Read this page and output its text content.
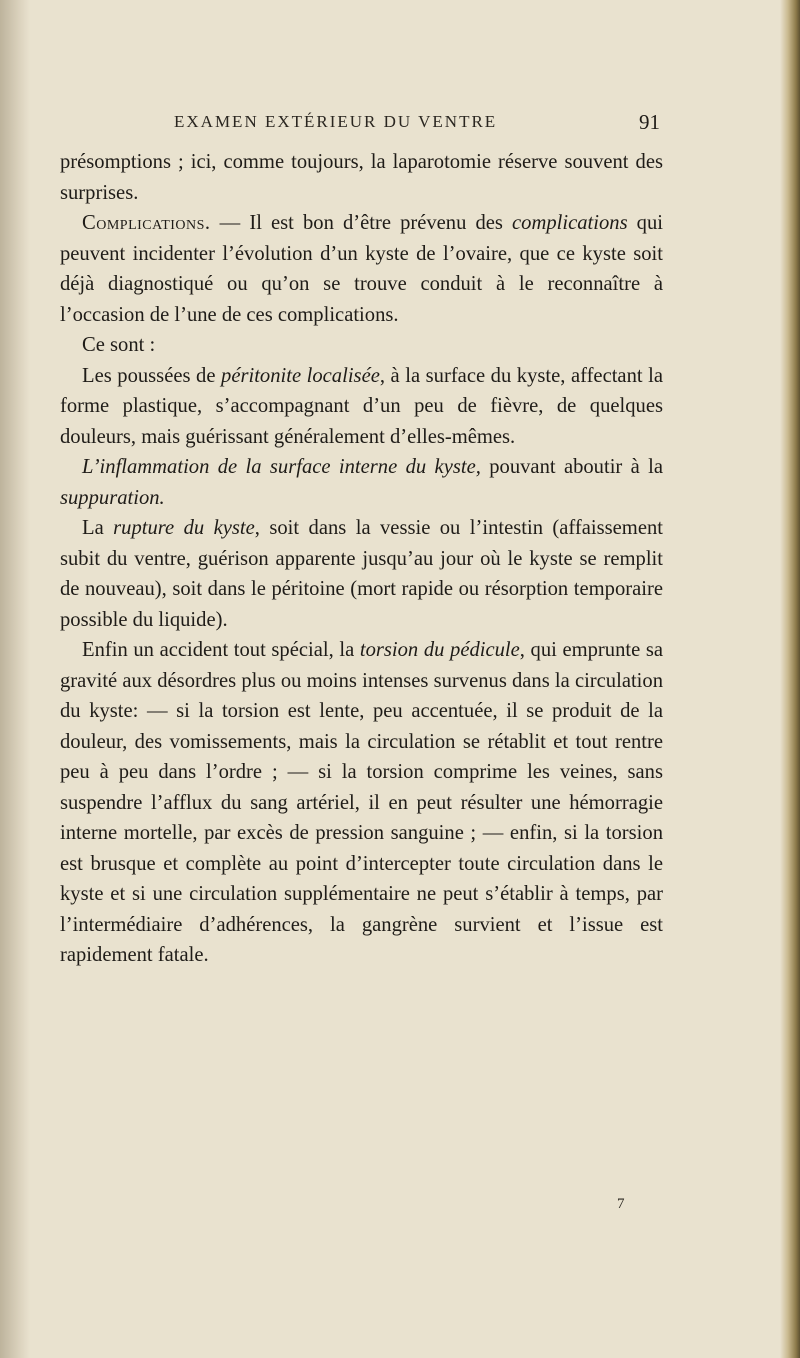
EXAMEN EXTÉRIEUR DU VENTRE	91

présomptions ; ici, comme toujours, la laparotomie réserve souvent des surprises.

Complications. — Il est bon d’être prévenu des complications qui peuvent incidenter l’évolution d’un kyste de l’ovaire, que ce kyste soit déjà diagnostiqué ou qu’on se trouve conduit à le reconnaître à l’occasion de l’une de ces complications.

Ce sont :

Les poussées de péritonite localisée, à la surface du kyste, affectant la forme plastique, s’accompagnant d’un peu de fièvre, de quelques douleurs, mais guérissant généralement d’elles-mêmes.

L’inflammation de la surface interne du kyste, pouvant aboutir à la suppuration.

La rupture du kyste, soit dans la vessie ou l’intestin (affaissement subit du ventre, guérison apparente jusqu’au jour où le kyste se remplit de nouveau), soit dans le péritoine (mort rapide ou résorption temporaire possible du liquide).

Enfin un accident tout spécial, la torsion du pédicule, qui emprunte sa gravité aux désordres plus ou moins intenses survenus dans la circulation du kyste: — si la torsion est lente, peu accentuée, il se produit de la douleur, des vomissements, mais la circulation se rétablit et tout rentre peu à peu dans l’ordre ; — si la torsion comprime les veines, sans suspendre l’afflux du sang artériel, il en peut résulter une hémorragie interne mortelle, par excès de pression sanguine ; — enfin, si la torsion est brusque et complète au point d’intercepter toute circulation dans le kyste et si une circulation supplémentaire ne peut s’établir à temps, par l’intermédiaire d’adhérences, la gangrène survient et l’issue est rapidement fatale.

7
